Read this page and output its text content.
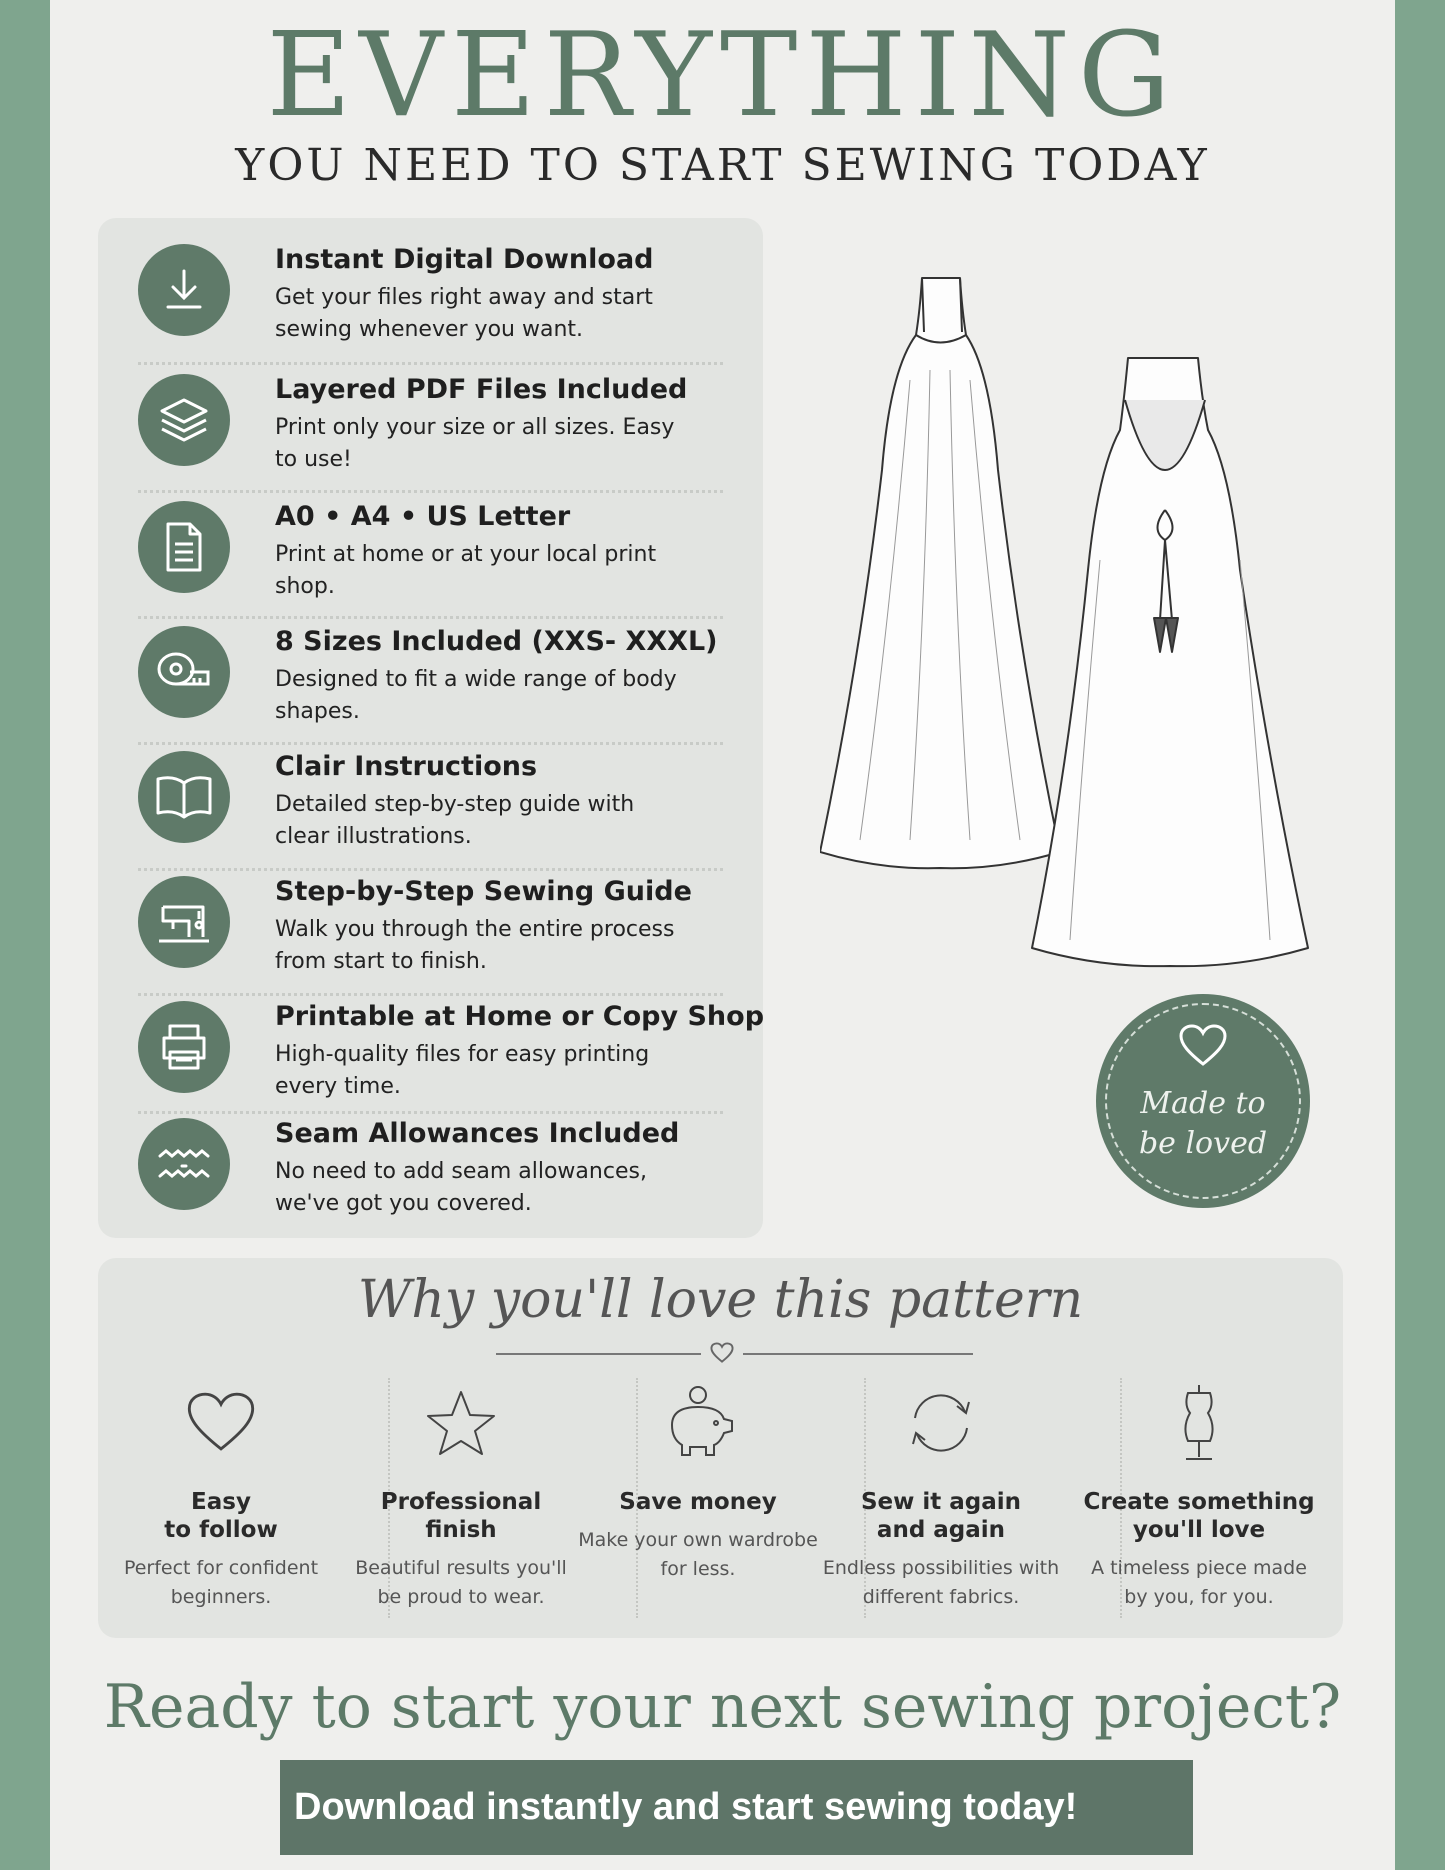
EVERYTHING
YOU NEED TO START SEWING TODAY
Instant Digital Download
Get your files right away and start sewing whenever you want.
Layered PDF Files Included
Print only your size or all sizes. Easy to use!
A0 • A4 • US Letter
Print at home or at your local print shop.
8 Sizes Included (XXS- XXXL)
Designed to fit a wide range of body shapes.
Clair Instructions
Detailed step-by-step guide with clear illustrations.
Step-by-Step Sewing Guide
Walk you through the entire process from start to finish.
Printable at Home or Copy Shop
High-quality files for easy printing every time.
Seam Allowances Included
No need to add seam allowances, we've got you covered.
Made to
be loved
Why you'll love this pattern
Easy
to follow
Perfect for confident beginners.
Professional
finish
Beautiful results you'll be proud to wear.
Save money
Make your own wardrobe for less.
Sew it again
and again
Endless possibilities with different fabrics.
Create something
you'll love
A timeless piece made by you, for you.
Ready to start your next sewing project?
Download instantly and start sewing today!
